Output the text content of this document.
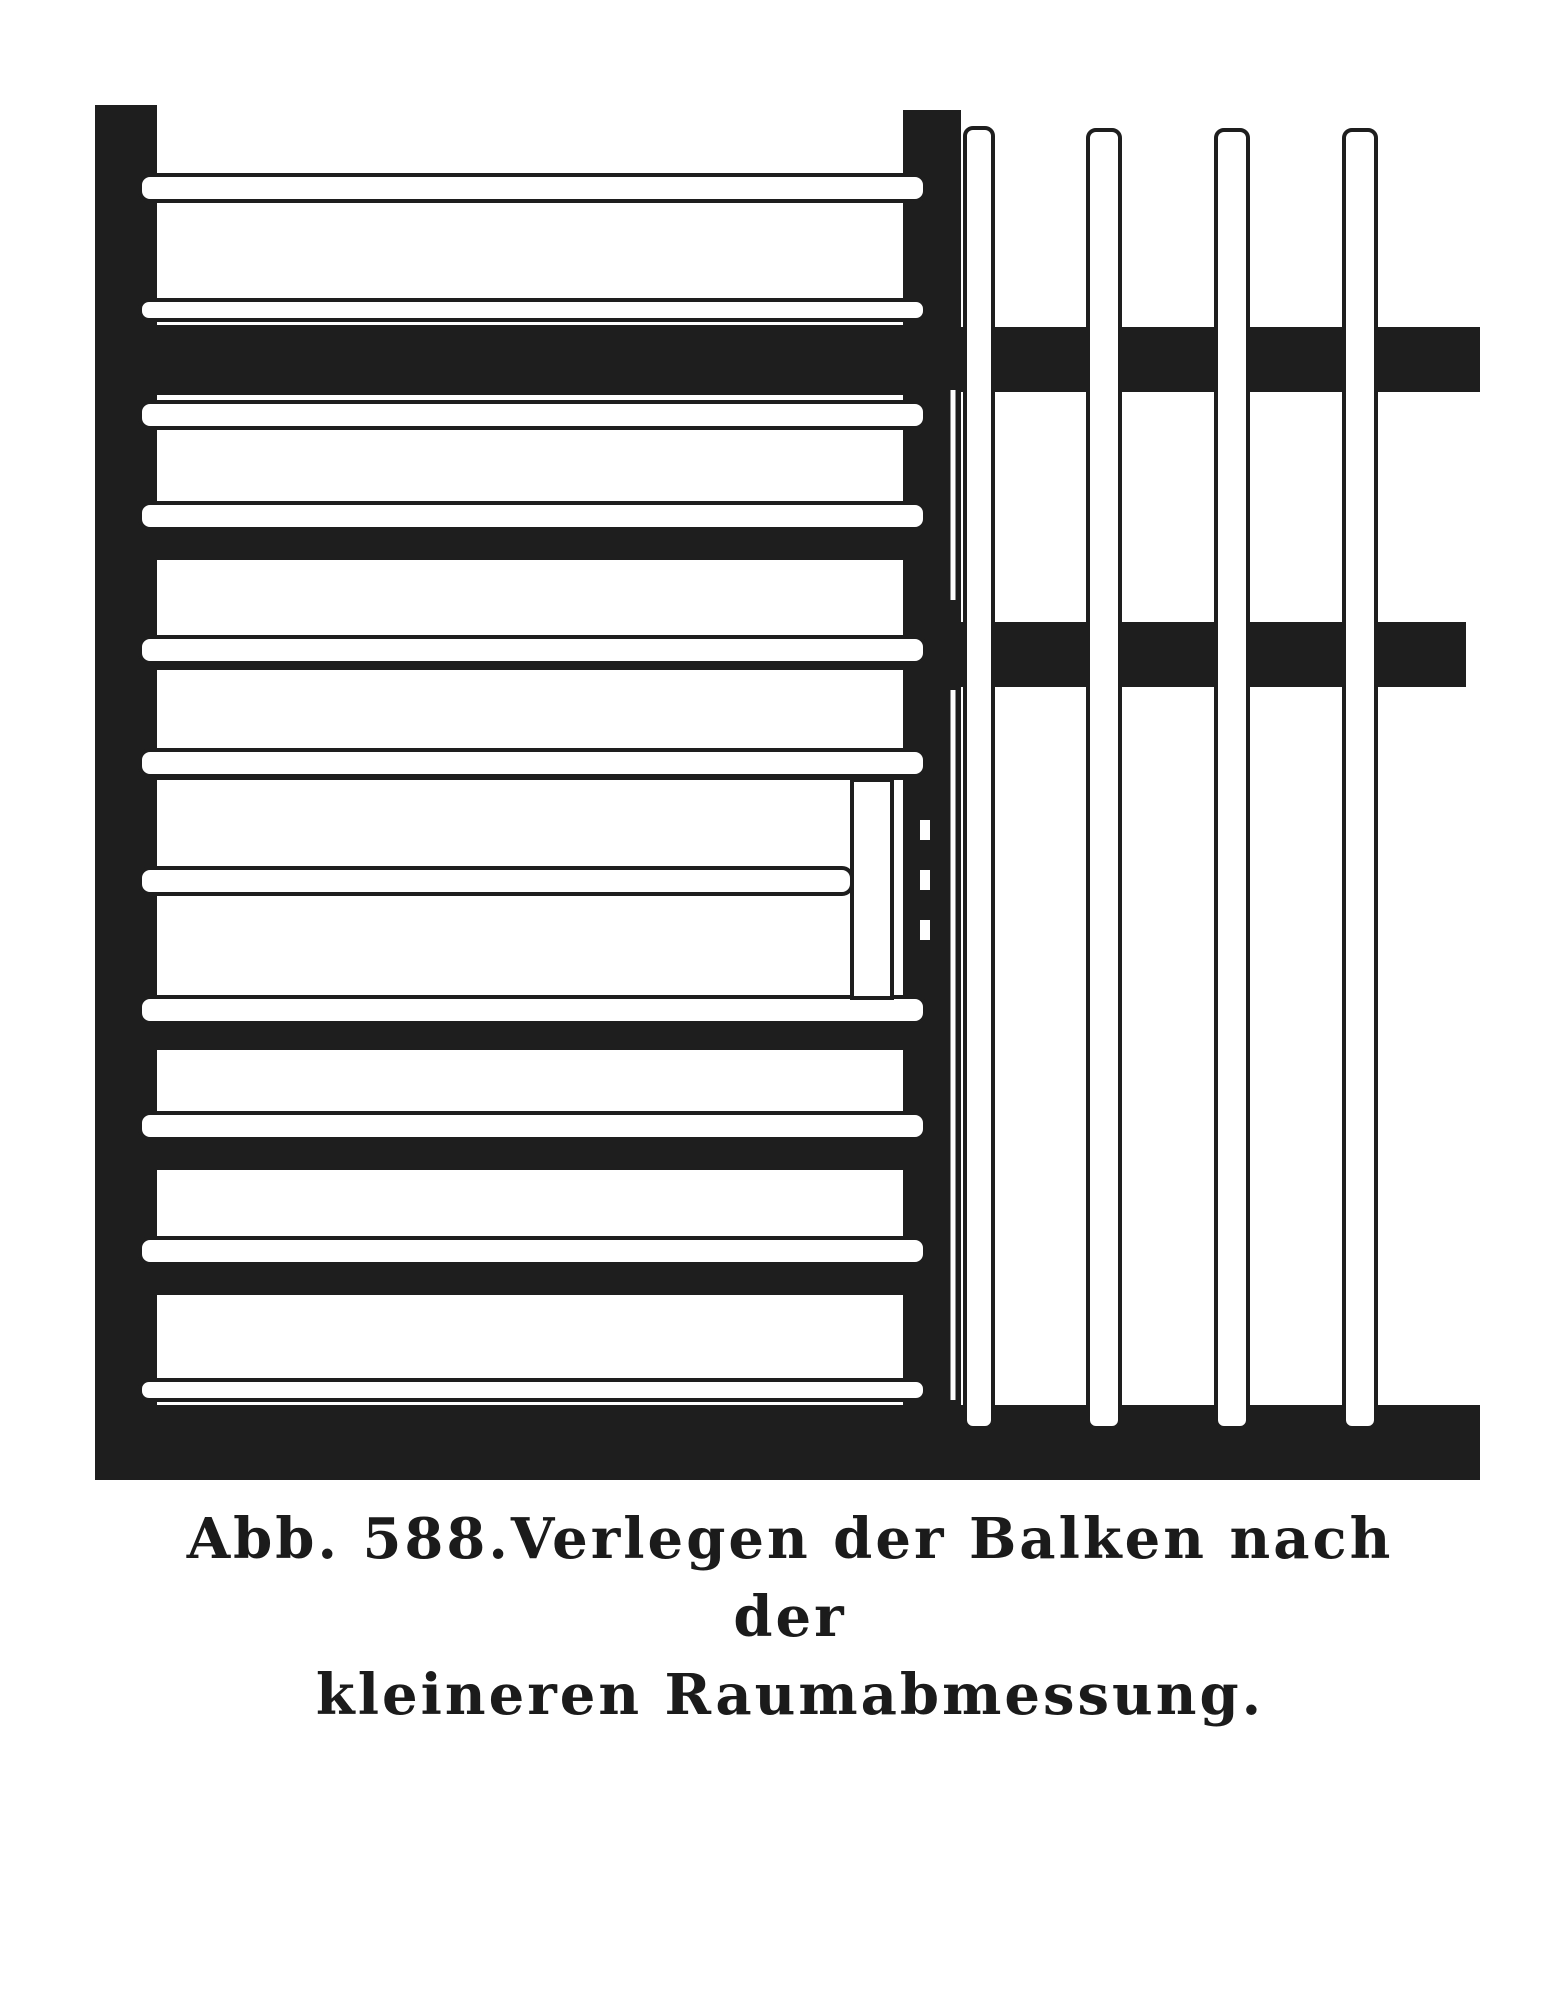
Abb. 588.Verlegen der Balken nach der
kleineren Raumabmessung.
